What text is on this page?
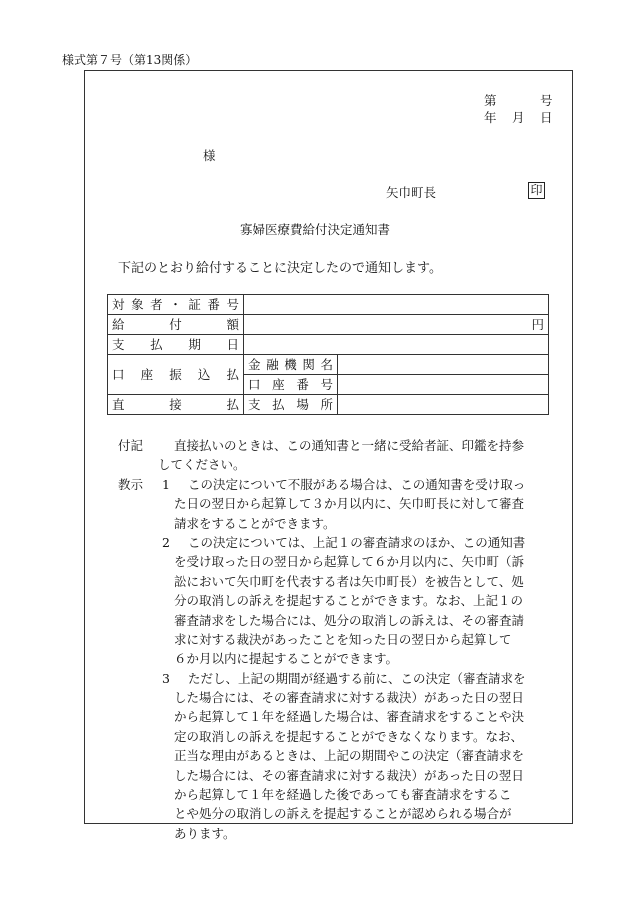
様式第７号（第13関係）
第	号
年 月 日
様
矢巾町長	印
寡婦医療費給付決定通知書
下記のとおり給付することに決定したので通知します。
対象者・証番号		
給付額	円	
支払期日		
口座振込払	金融機関名	
	口座番号	
直接払	支払場所	
付記 直接払いのときは、この通知書と一緒に受給者証、印鑑を持参
してください。
教示 1 この決定について不服がある場合は、この通知書を受け取っ
た日の翌日から起算して３か月以内に、矢巾町長に対して審査
請求をすることができます。
2 この決定については、上記１の審査請求のほか、この通知書
を受け取った日の翌日から起算して６か月以内に、矢巾町（訴
訟において矢巾町を代表する者は矢巾町長）を被告として、処
分の取消しの訴えを提起することができます。なお、上記１の
審査請求をした場合には、処分の取消しの訴えは、その審査請
求に対する裁決があったことを知った日の翌日から起算して
６か月以内に提起することができます。
3 ただし、上記の期間が経過する前に、この決定（審査請求を
した場合には、その審査請求に対する裁決）があった日の翌日
から起算して１年を経過した場合は、審査請求をすることや決
定の取消しの訴えを提起することができなくなります。なお、
正当な理由があるときは、上記の期間やこの決定（審査請求を
した場合には、その審査請求に対する裁決）があった日の翌日
から起算して１年を経過した後であっても審査請求をするこ
とや処分の取消しの訴えを提起することが認められる場合が
あります。
